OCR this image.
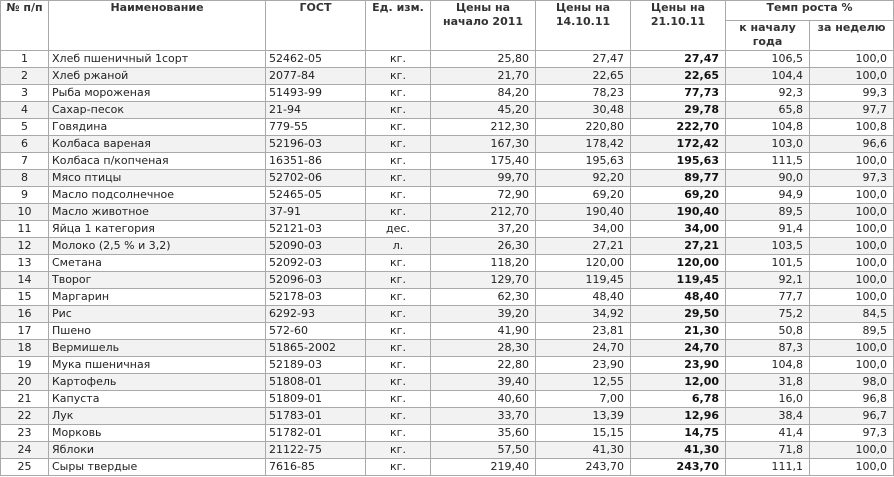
№ п/п	Наименование	ГОСТ	Ед. изм.	Цены на начало 2011	Цены на 14.10.11	Цены на 21.10.11	Темп роста %	
							к началу года	за неделю
1	Хлеб пшеничный 1сорт	52462-05	кг.	25,80	27,47	27,47	106,5	100,0
2	Хлеб ржаной	2077-84	кг.	21,70	22,65	22,65	104,4	100,0
3	Рыба мороженая	51493-99	кг.	84,20	78,23	77,73	92,3	99,3
4	Сахар-песок	21-94	кг.	45,20	30,48	29,78	65,8	97,7
5	Говядина	779-55	кг.	212,30	220,80	222,70	104,8	100,8
6	Колбаса вареная	52196-03	кг.	167,30	178,42	172,42	103,0	96,6
7	Колбаса п/копченая	16351-86	кг.	175,40	195,63	195,63	111,5	100,0
8	Мясо птицы	52702-06	кг.	99,70	92,20	89,77	90,0	97,3
9	Масло подсолнечное	52465-05	кг.	72,90	69,20	69,20	94,9	100,0
10	Масло животное	37-91	кг.	212,70	190,40	190,40	89,5	100,0
11	Яйца 1 категория	52121-03	дес.	37,20	34,00	34,00	91,4	100,0
12	Молоко (2,5 % и 3,2)	52090-03	л.	26,30	27,21	27,21	103,5	100,0
13	Сметана	52092-03	кг.	118,20	120,00	120,00	101,5	100,0
14	Творог	52096-03	кг.	129,70	119,45	119,45	92,1	100,0
15	Маргарин	52178-03	кг.	62,30	48,40	48,40	77,7	100,0
16	Рис	6292-93	кг.	39,20	34,92	29,50	75,2	84,5
17	Пшено	572-60	кг.	41,90	23,81	21,30	50,8	89,5
18	Вермишель	51865-2002	кг.	28,30	24,70	24,70	87,3	100,0
19	Мука пшеничная	52189-03	кг.	22,80	23,90	23,90	104,8	100,0
20	Картофель	51808-01	кг.	39,40	12,55	12,00	31,8	98,0
21	Капуста	51809-01	кг.	40,60	7,00	6,78	16,0	96,8
22	Лук	51783-01	кг.	33,70	13,39	12,96	38,4	96,7
23	Морковь	51782-01	кг.	35,60	15,15	14,75	41,4	97,3
24	Яблоки	21122-75	кг.	57,50	41,30	41,30	71,8	100,0
25	Сыры твердые	7616-85	кг.	219,40	243,70	243,70	111,1	100,0
